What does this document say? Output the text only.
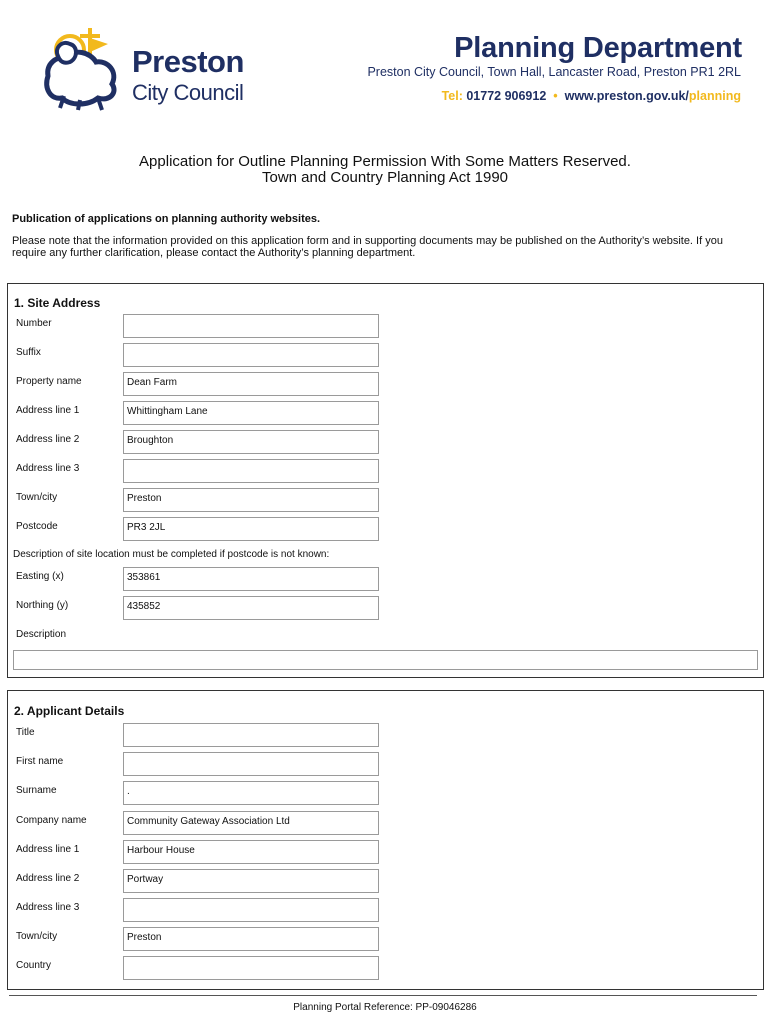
Preston
City Council
Planning Department
Preston City Council, Town Hall, Lancaster Road, Preston PR1 2RL
Tel: 01772 906912 • www.preston.gov.uk/planning
Application for Outline Planning Permission With Some Matters Reserved.
Town and Country Planning Act 1990
Publication of applications on planning authority websites.
Please note that the information provided on this application form and in supporting documents may be published on the Authority’s website. If you require any further clarification, please contact the Authority’s planning department.
1. Site Address
Number
Suffix
Property name	Dean Farm
Address line 1	Whittingham Lane
Address line 2	Broughton
Address line 3
Town/city	Preston
Postcode	PR3 2JL
Description of site location must be completed if postcode is not known:
Easting (x)	353861
Northing (y)	435852
Description
2. Applicant Details
Title
First name
Surname	.
Company name	Community Gateway Association Ltd
Address line 1	Harbour House
Address line 2	Portway
Address line 3
Town/city	Preston
Country
Planning Portal Reference: PP-09046286
